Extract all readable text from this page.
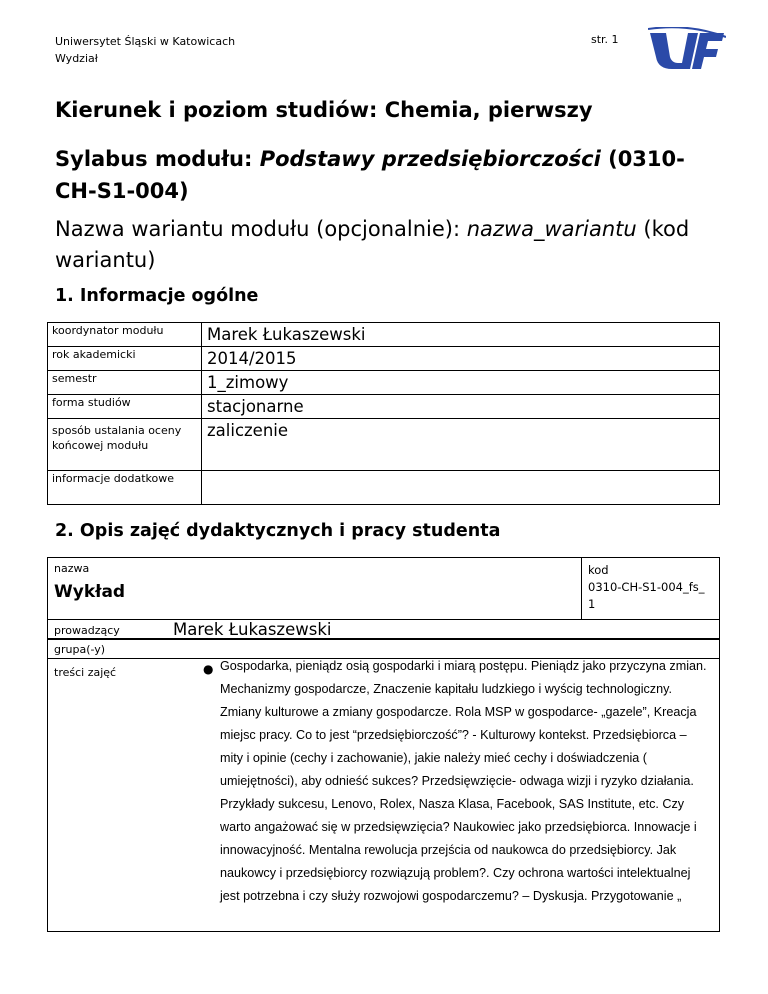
Uniwersytet Śląski w Katowicach
Wydział
str. 1
Kierunek i poziom studiów: Chemia, pierwszy
Sylabus modułu: Podstawy przedsiębiorczości (0310-CH-S1-004)
Nazwa wariantu modułu (opcjonalnie): nazwa_wariantu (kod wariantu)
1. Informacje ogólne
koordynator modułu	Marek Łukaszewski
rok akademicki	2014/2015
semestr	1_zimowy
forma studiów	stacjonarne
sposób ustalania oceny końcowej modułu	zaliczenie
informacje dodatkowe	
2. Opis zajęć dydaktycznych i pracy studenta
nazwa
Wykład
kod
0310-CH-S1-004_fs_1
prowadzący	Marek Łukaszewski
grupa(-y)
treści zajęć	● Gospodarka, pieniądz osią gospodarki i miarą postępu. Pieniądz jako przyczyna zmian. Mechanizmy gospodarcze, Znaczenie kapitału ludzkiego i wyścig technologiczny. Zmiany kulturowe a zmiany gospodarcze. Rola MSP w gospodarce- „gazele”, Kreacja miejsc pracy. Co to jest “przedsiębiorczość”? - Kulturowy kontekst. Przedsiębiorca – mity i opinie (cechy i zachowanie), jakie należy mieć cechy i doświadczenia ( umiejętności), aby odnieść sukces? Przedsięwzięcie- odwaga wizji i ryzyko działania. Przykłady sukcesu, Lenovo, Rolex, Nasza Klasa, Facebook, SAS Institute, etc. Czy warto angażować się w przedsięwzięcia? Naukowiec jako przedsiębiorca. Innowacje i innowacyjność. Mentalna rewolucja przejścia od naukowca do przedsiębiorcy. Jak naukowcy i przedsiębiorcy rozwiązują problem?. Czy ochrona wartości intelektualnej jest potrzebna i czy służy rozwojowi gospodarczemu? – Dyskusja. Przygotowanie „
